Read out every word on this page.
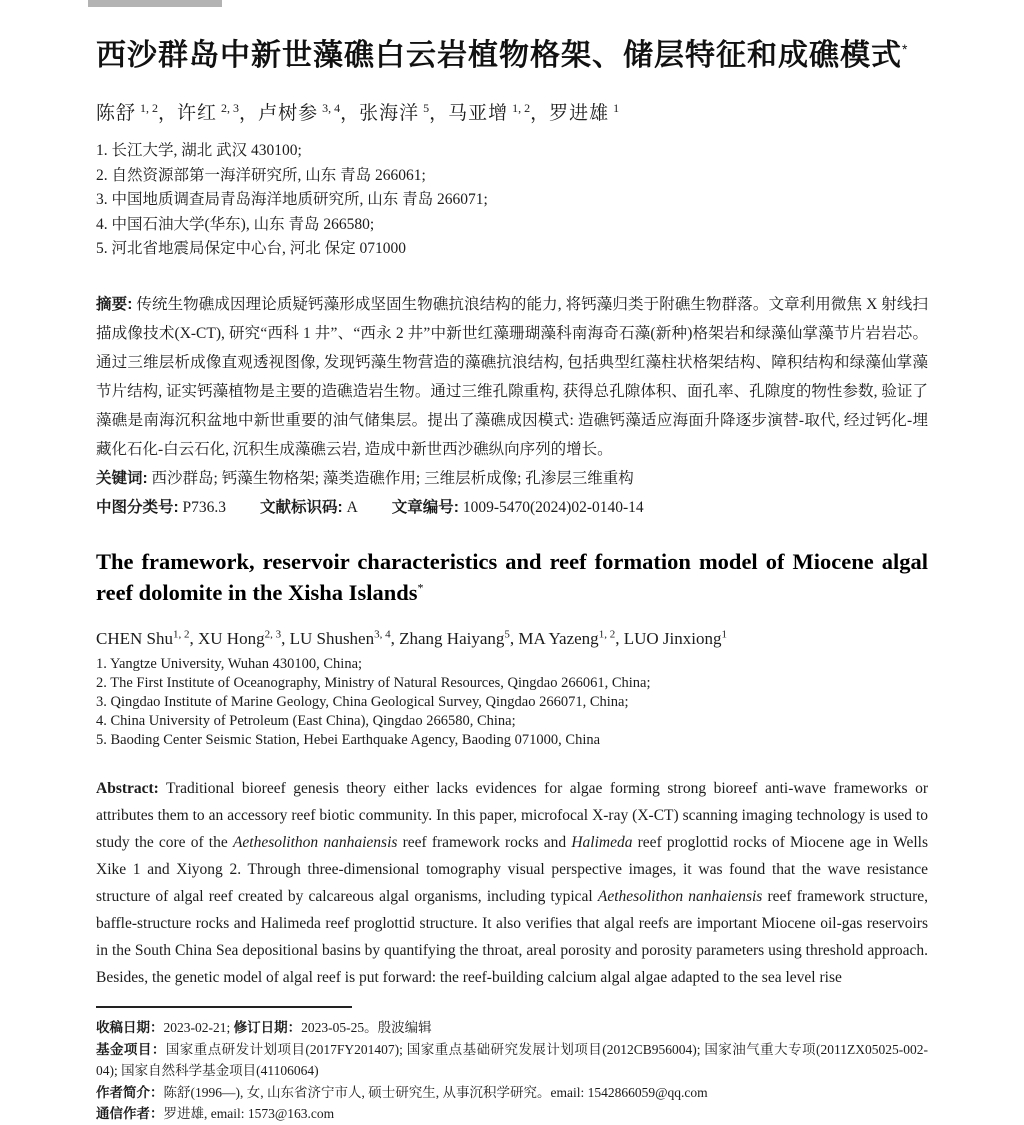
西沙群岛中新世藻礁白云岩植物格架、储层特征和成礁模式*
陈舒 $^{1, 2}$ ， 许红 $^{2, 3}$ ， 卢树参 $^{3, 4}$ ， 张海洋 $^5$ ， 马亚增 $^{1, 2}$ ， 罗进雄 $^1$
1. 长江大学, 湖北 武汉 430100;
2. 自然资源部第一海洋研究所, 山东 青岛 266061;
3. 中国地质调查局青岛海洋地质研究所, 山东 青岛 266071;
4. 中国石油大学(华东), 山东 青岛 266580;
5. 河北省地震局保定中心台, 河北 保定 071000

摘要: 传统生物礁成因理论质疑钙藻形成坚固生物礁抗浪结构的能力, 将钙藻归类于附礁生物群落。文章利用微焦 X 射线扫描成像技术(X-CT), 研究“西科 1 井”、“西永 2 井”中新世红藻珊瑚藻科南海奇石藻(新种)格架岩和绿藻仙掌藻节片岩岩芯。通过三维层析成像直观透视图像, 发现钙藻生物营造的藻礁抗浪结构, 包括典型红藻柱状格架结构、障积结构和绿藻仙掌藻节片结构, 证实钙藻植物是主要的造礁造岩生物。通过三维孔隙重构, 获得总孔隙体积、面孔率、孔隙度的物性参数, 验证了藻礁是南海沉积盆地中新世重要的油气储集层。提出了藻礁成因模式: 造礁钙藻适应海面升降逐步演替-取代, 经过钙化-埋藏化石化-白云石化, 沉积生成藻礁云岩, 造成中新世西沙礁纵向序列的增长。

关键词: 西沙群岛; 钙藻生物格架; 藻类造礁作用; 三维层析成像; 孔渗层三维重构

中图分类号: P736.3 文献标识码: A 文章编号: 1009-5470(2024)02-0140-14

The framework, reservoir characteristics and reef formation model of Miocene algal reef dolomite in the Xisha Islands*
CHEN Shu$^{1, 2}$ , XU Hong$^{2, 3}$ , LU Shushen$^{3, 4}$ , Zhang Haiyang$^5$ , MA Yazeng$^{1, 2}$ , LUO Jinxiong$^1$
1. Yangtze University, Wuhan 430100, China;
2. The First Institute of Oceanography, Ministry of Natural Resources, Qingdao 266061, China;
3. Qingdao Institute of Marine Geology, China Geological Survey, Qingdao 266071, China;
4. China University of Petroleum (East China), Qingdao 266580, China;
5. Baoding Center Seismic Station, Hebei Earthquake Agency, Baoding 071000, China

Abstract: Traditional bioreef genesis theory either lacks evidences for algae forming strong bioreef anti-wave frameworks or attributes them to an accessory reef biotic community. In this paper, microfocal X-ray (X-CT) scanning imaging technology is used to study the core of the Aethesolithon nanhaiensis reef framework rocks and Halimeda reef proglottid rocks of Miocene age in Wells Xike 1 and Xiyong 2. Through three-dimensional tomography visual perspective images, it was found that the wave resistance structure of algal reef created by calcareous algal organisms, including typical Aethesolithon nanhaiensis reef framework structure, baffle-structure rocks and Halimeda reef proglottid structure. It also verifies that algal reefs are important Miocene oil-gas reservoirs in the South China Sea depositional basins by quantifying the throat, areal porosity and porosity parameters using threshold approach. Besides, the genetic model of algal reef is put forward: the reef-building calcium algal algae adapted to the sea level rise

收稿日期：2023-02-21; 修订日期：2023-05-25。殷波编辑

基金项目：国家重点研发计划项目(2017FY201407); 国家重点基础研究发展计划项目(2012CB956004); 国家油气重大专项(2011ZX05025-002-04); 国家自然科学基金项目(41106064)

作者简介：陈舒(1996—), 女, 山东省济宁市人, 硕士研究生, 从事沉积学研究。email: 1542866059@qq.com

通信作者：罗进雄, email: 1573@163.com
